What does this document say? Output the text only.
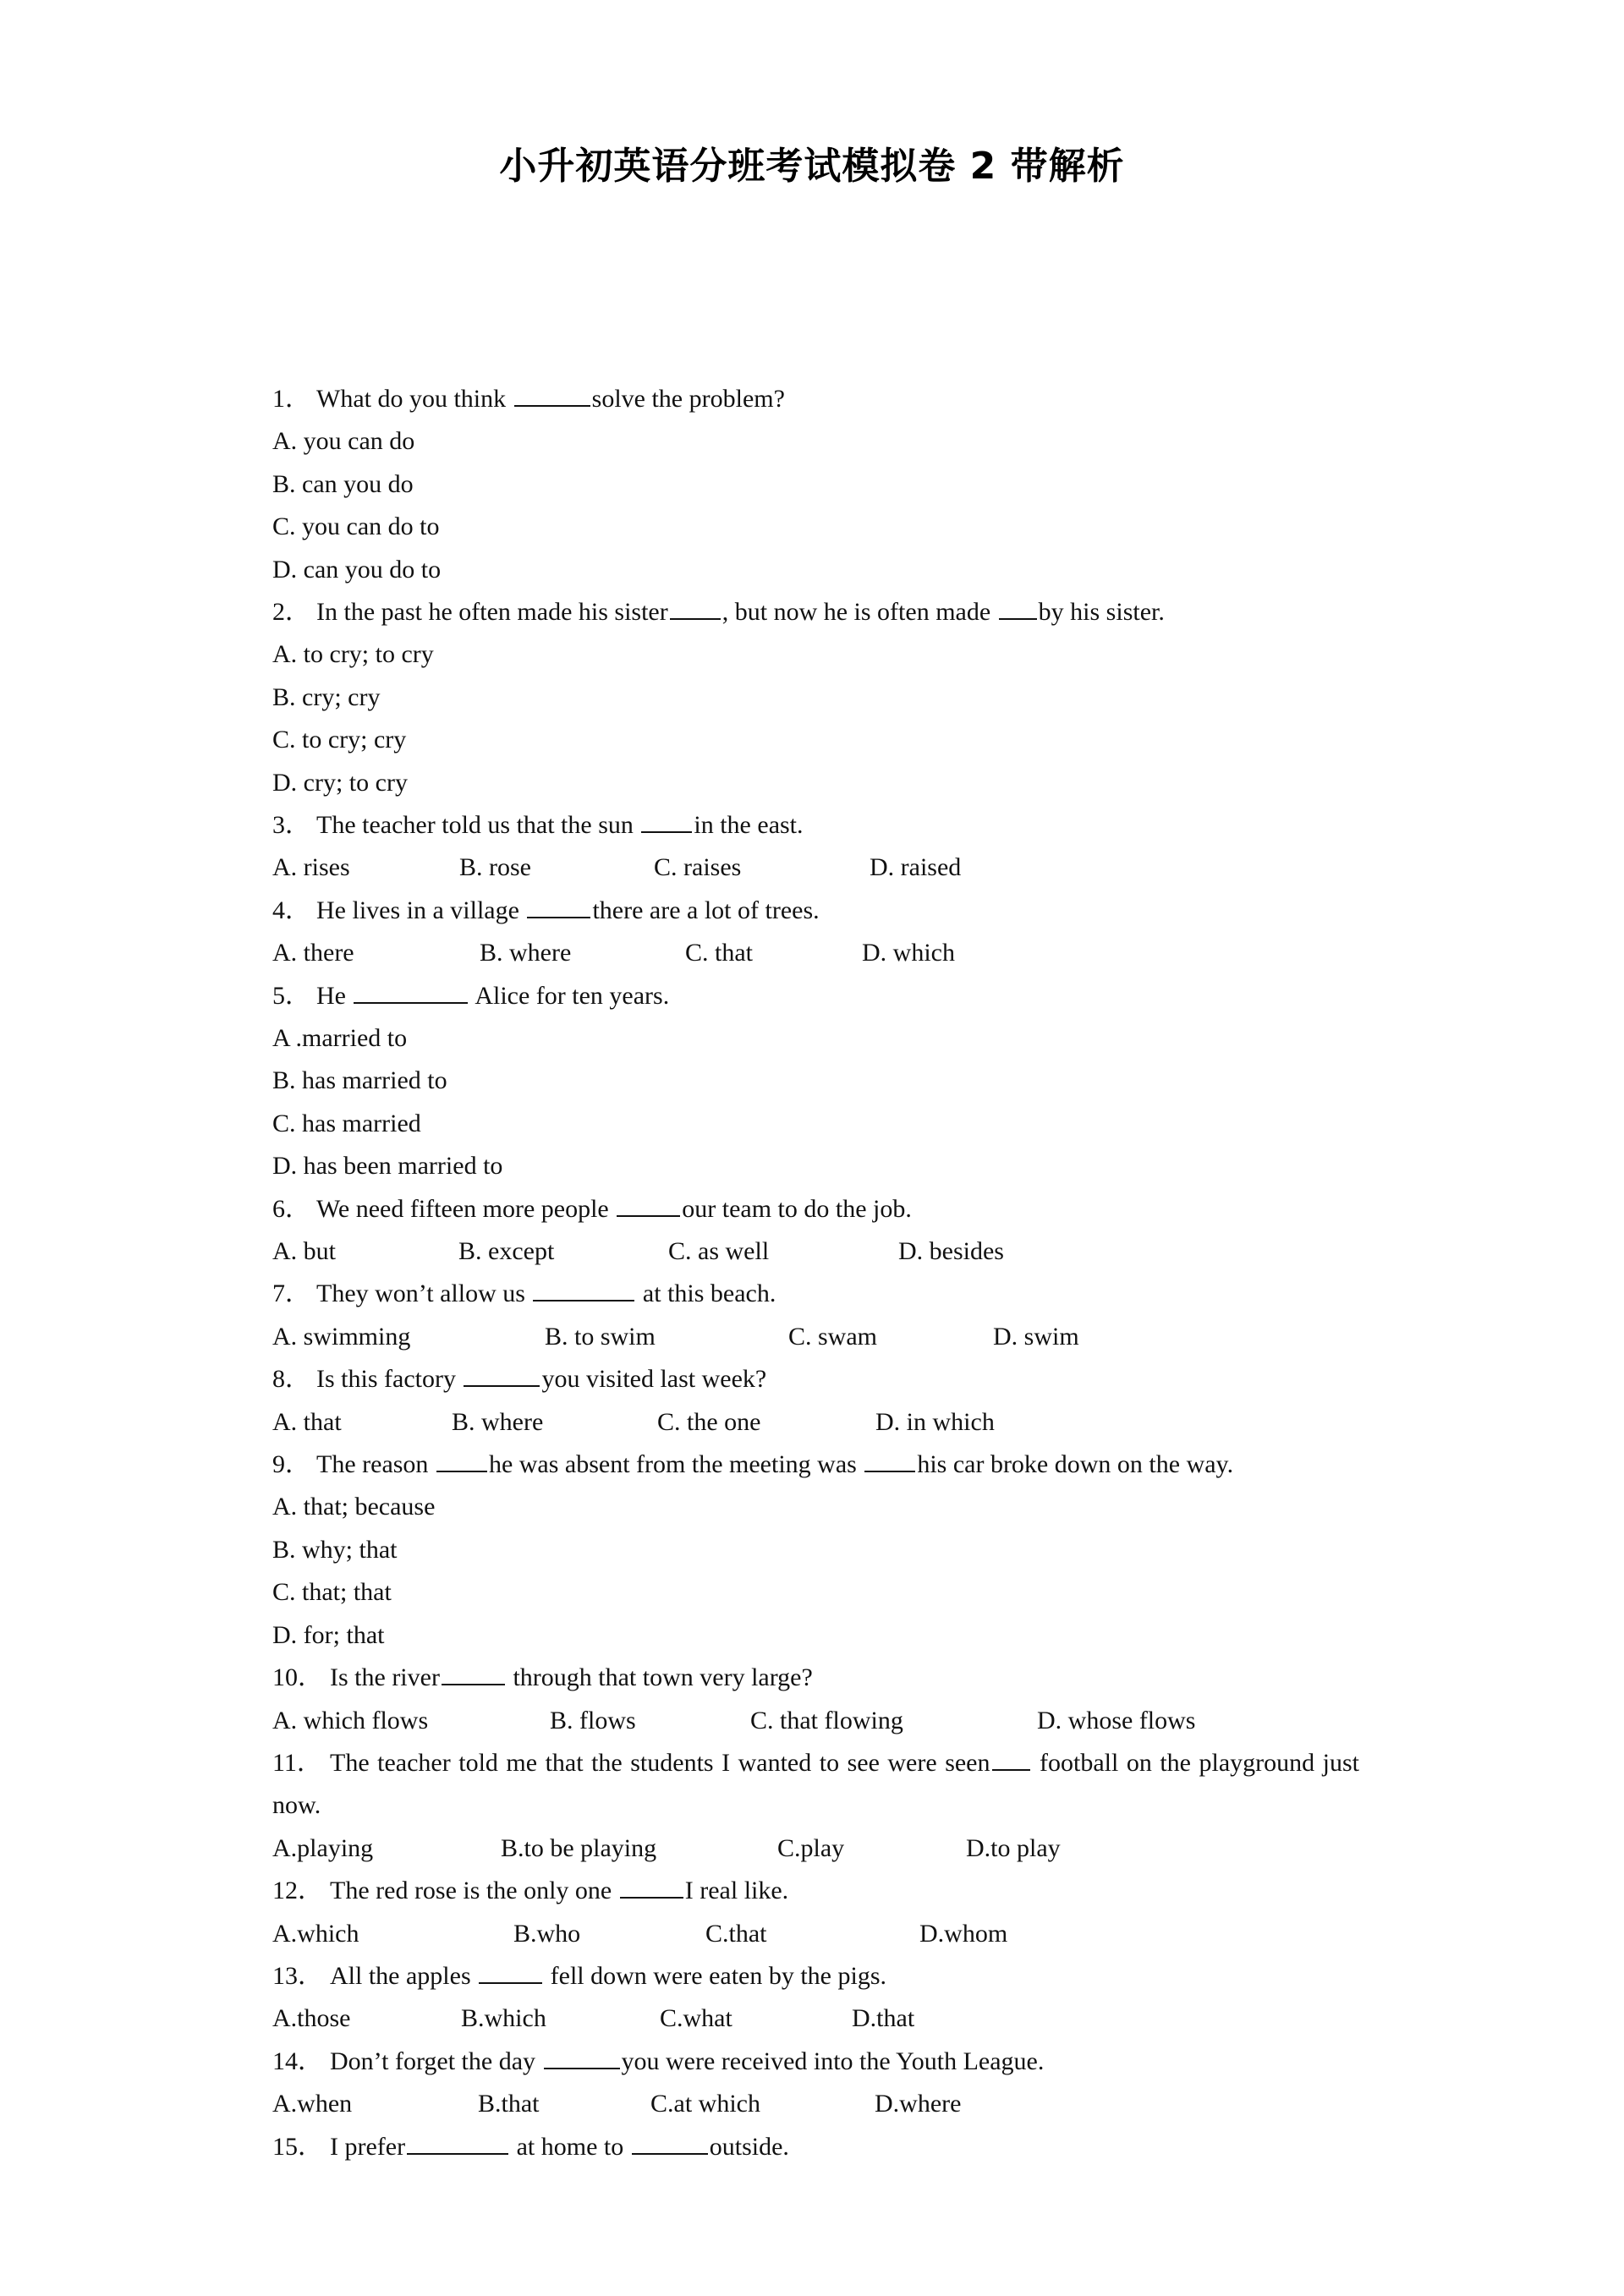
小升初英语分班考试模拟卷 2 带解析
1． What do you think	solve the problem?
A. you can do
B. can you do
C. you can do to
D. can you do to
2． In the past he often made his sister , but now he is often made by his sister.
A. to cry; to cry
B. cry; cry
C. to cry; cry
D. cry; to cry
3． The teacher told us that the sun in the east.
A. rises	B. rose	C. raises	D. raised
4． He lives in a village	there are a lot of trees.
A. there	B. where	C. that	D. which
5． He	Alice for ten years.
A .married to
B. has married to
C. has married
D. has been married to
6． We need fifteen more people	our team to do the job.
A. but	B. except	C. as well	D. besides
7． They won’t allow us	at this beach.
A. swimming	B. to swim	C. swam	D. swim
8． Is this factory	you visited last week?
A. that	B. where	C. the one	D. in which
9． The reason he was absent from the meeting was his car broke down on the way.
A. that; because
B. why; that
C. that; that
D. for; that
10． Is the river	through that town very large?
A. which flows	B. flows	C. that flowing	D. whose flows
11． The teacher told me that the students I wanted to see were seen football on the playground just now.
A.playing	B.to be playing	C.play	D.to play
12． The red rose is the only one	I real like.
A.which	B.who	C.that	D.whom
13． All the apples	fell down were eaten by the pigs.
A.those	B.which	C.what	D.that
14． Don’t forget the day	you were received into the Youth League.
A.when	B.that	C.at which	D.where
15． I prefer	at home to	outside.
